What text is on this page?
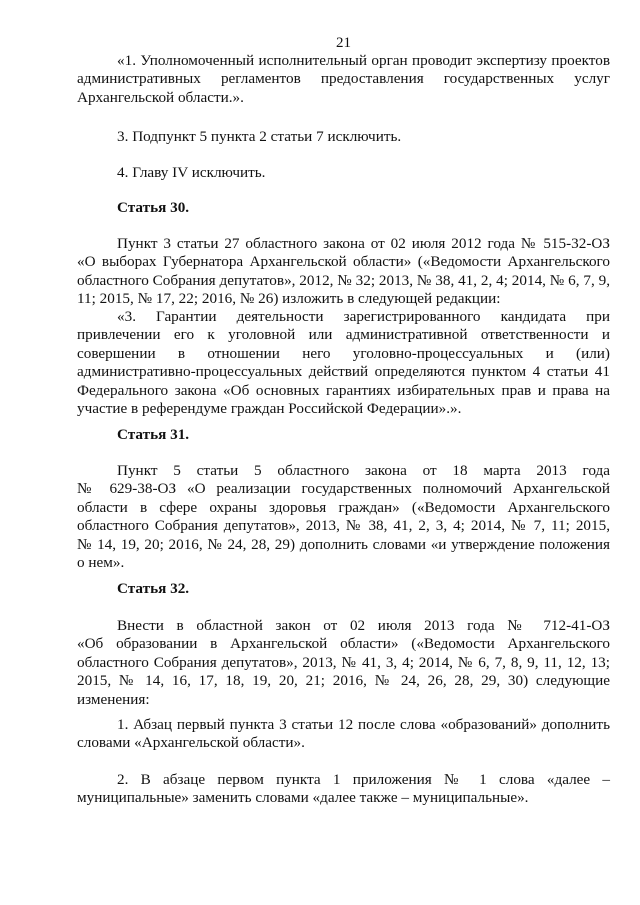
21
«1. Уполномоченный исполнительный орган проводит экспертизу проектов
административных регламентов предоставления государственных услуг
Архангельской области.».
3. Подпункт 5 пункта 2 статьи 7 исключить.
4. Главу IV исключить.
Статья 30.
Пункт 3 статьи 27 областного закона от 02 июля 2012 года № 515-32-ОЗ
«О выборах Губернатора Архангельской области» («Ведомости Архангельского
областного Собрания депутатов», 2012, № 32; 2013, № 38, 41, 2, 4; 2014, № 6, 7, 9,
11; 2015, № 17, 22; 2016, № 26) изложить в следующей редакции:
«3. Гарантии деятельности зарегистрированного кандидата при
привлечении его к уголовной или административной ответственности и
совершении в отношении него уголовно-процессуальных и (или)
административно-процессуальных действий определяются пунктом 4 статьи 41
Федерального закона «Об основных гарантиях избирательных прав и права на
участие в референдуме граждан Российской Федерации».».
Статья 31.
Пункт 5 статьи 5 областного закона от 18 марта 2013 года
№ 629-38-ОЗ «О реализации государственных полномочий Архангельской
области в сфере охраны здоровья граждан» («Ведомости Архангельского
областного Собрания депутатов», 2013, № 38, 41, 2, 3, 4; 2014, № 7, 11; 2015,
№ 14, 19, 20; 2016, № 24, 28, 29) дополнить словами «и утверждение положения
о нем».
Статья 32.
Внести в областной закон от 02 июля 2013 года № 712-41-ОЗ
«Об образовании в Архангельской области» («Ведомости Архангельского
областного Собрания депутатов», 2013, № 41, 3, 4; 2014, № 6, 7, 8, 9, 11, 12, 13;
2015, № 14, 16, 17, 18, 19, 20, 21; 2016, № 24, 26, 28, 29, 30) следующие
изменения:
1. Абзац первый пункта 3 статьи 12 после слова «образований» дополнить
словами «Архангельской области».
2. В абзаце первом пункта 1 приложения № 1 слова «далее –
муниципальные» заменить словами «далее также – муниципальные».
